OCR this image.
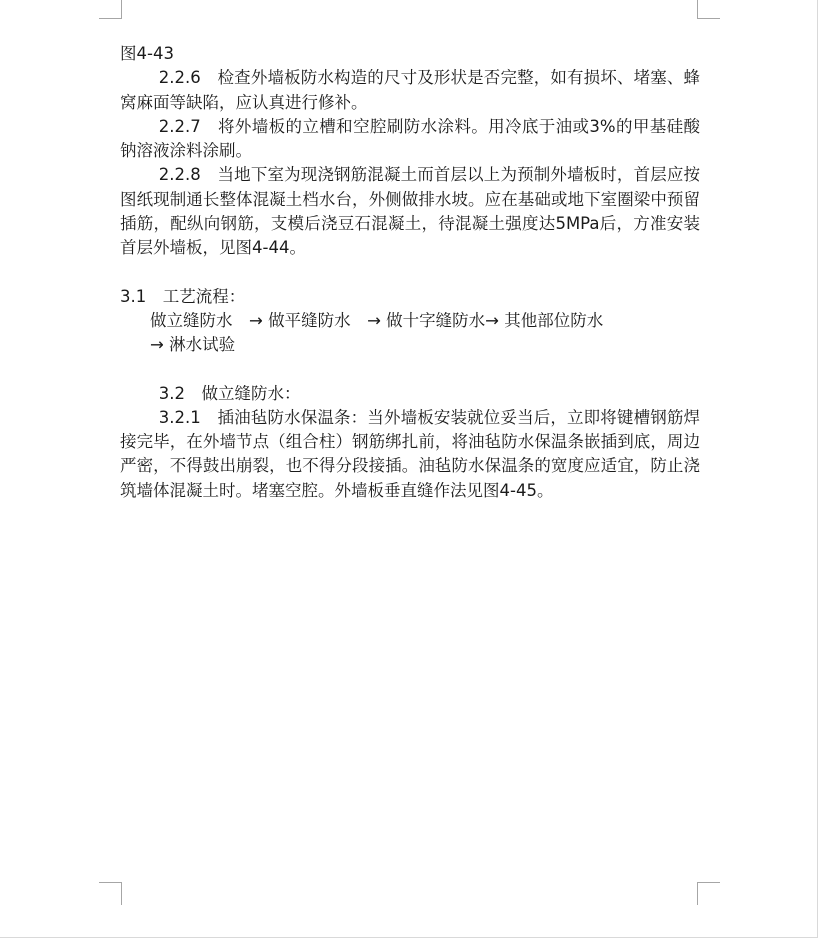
图4-43

2.2.6　检查外墙板防水构造的尺寸及形状是否完整，如有损坏、堵塞、蜂窝麻面等缺陷，应认真进行修补。

2.2.7　将外墙板的立槽和空腔刷防水涂料。用冷底于油或3%的甲基硅酸钠溶液涂料涂刷。

2.2.8　当地下室为现浇钢筋混凝土而首层以上为预制外墙板时，首层应按图纸现制通长整体混凝土档水台，外侧做排水坡。应在基础或地下室圈梁中预留插筋，配纵向钢筋，支模后浇豆石混凝土，待混凝土强度达5MPa后，方准安装首层外墙板，见图4-44。

3.1　工艺流程：

做立缝防水　→ 做平缝防水　→ 做十字缝防水→ 其他部位防水

→ 淋水试验

3.2　做立缝防水：

3.2.1　插油毡防水保温条：当外墙板安装就位妥当后，立即将键槽钢筋焊接完毕，在外墙节点（组合柱）钢筋绑扎前，将油毡防水保温条嵌插到底，周边严密，不得鼓出崩裂，也不得分段接插。油毡防水保温条的宽度应适宜，防止浇筑墙体混凝土时。堵塞空腔。外墙板垂直缝作法见图4-45。
